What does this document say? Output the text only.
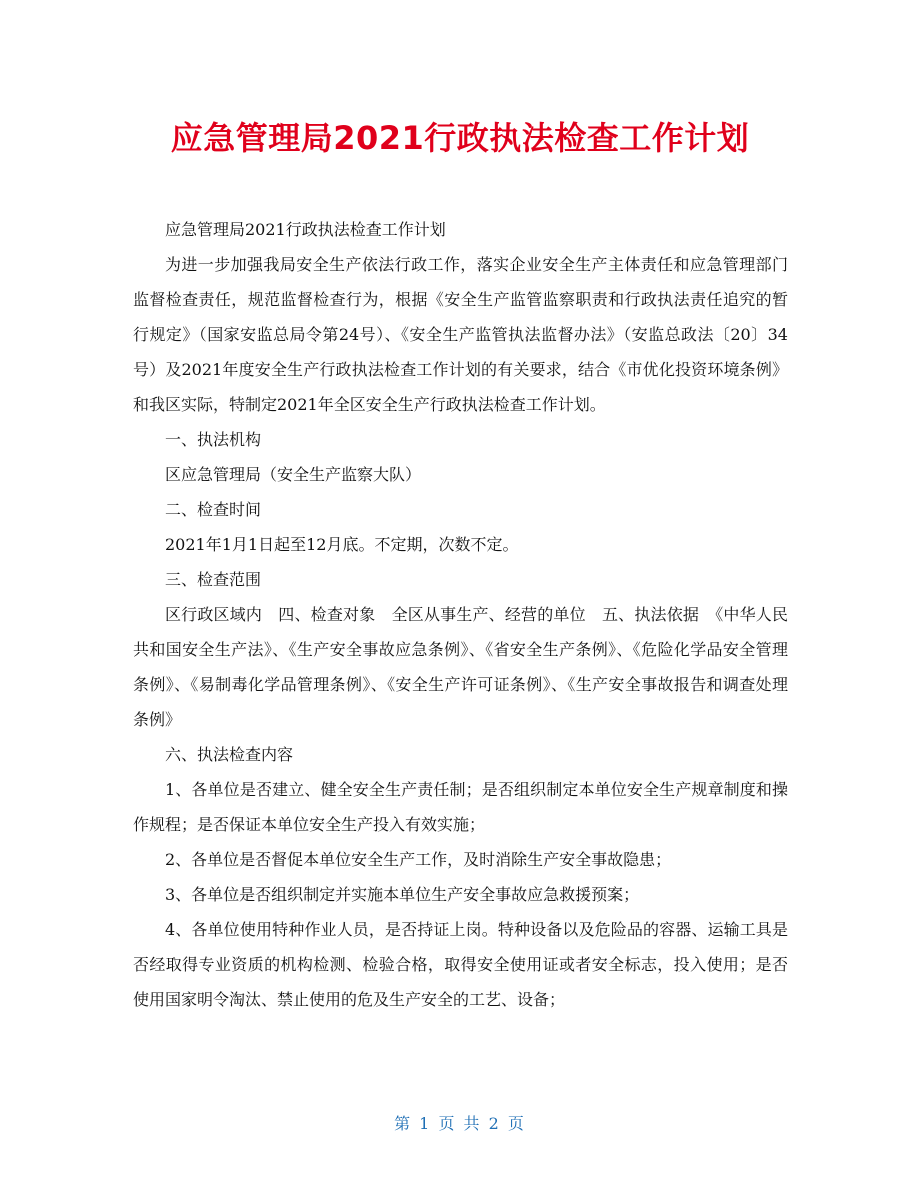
应急管理局2021行政执法检查工作计划

应急管理局2021行政执法检查工作计划

为进一步加强我局安全生产依法行政工作，落实企业安全生产主体责任和应急管理部门监督检查责任，规范监督检查行为，根据《安全生产监管监察职责和行政执法责任追究的暂行规定》（国家安监总局令第24号）、《安全生产监管执法监督办法》（安监总政法〔20〕34号）及2021年度安全生产行政执法检查工作计划的有关要求，结合《市优化投资环境条例》和我区实际，特制定2021年全区安全生产行政执法检查工作计划。

一、执法机构

区应急管理局（安全生产监察大队）

二、检查时间

2021年1月1日起至12月底。不定期，次数不定。

三、检查范围

区行政区域内　四、检查对象　全区从事生产、经营的单位　五、执法依据　《中华人民共和国安全生产法》、《生产安全事故应急条例》、《省安全生产条例》、《危险化学品安全管理条例》、《易制毒化学品管理条例》、《安全生产许可证条例》、《生产安全事故报告和调查处理条例》

六、执法检查内容

1、各单位是否建立、健全安全生产责任制；是否组织制定本单位安全生产规章制度和操作规程；是否保证本单位安全生产投入有效实施；

2、各单位是否督促本单位安全生产工作，及时消除生产安全事故隐患；

3、各单位是否组织制定并实施本单位生产安全事故应急救援预案；

4、各单位使用特种作业人员，是否持证上岗。特种设备以及危险品的容器、运输工具是否经取得专业资质的机构检测、检验合格，取得安全使用证或者安全标志，投入使用；是否使用国家明令淘汰、禁止使用的危及生产安全的工艺、设备；

第 1 页 共 2 页
